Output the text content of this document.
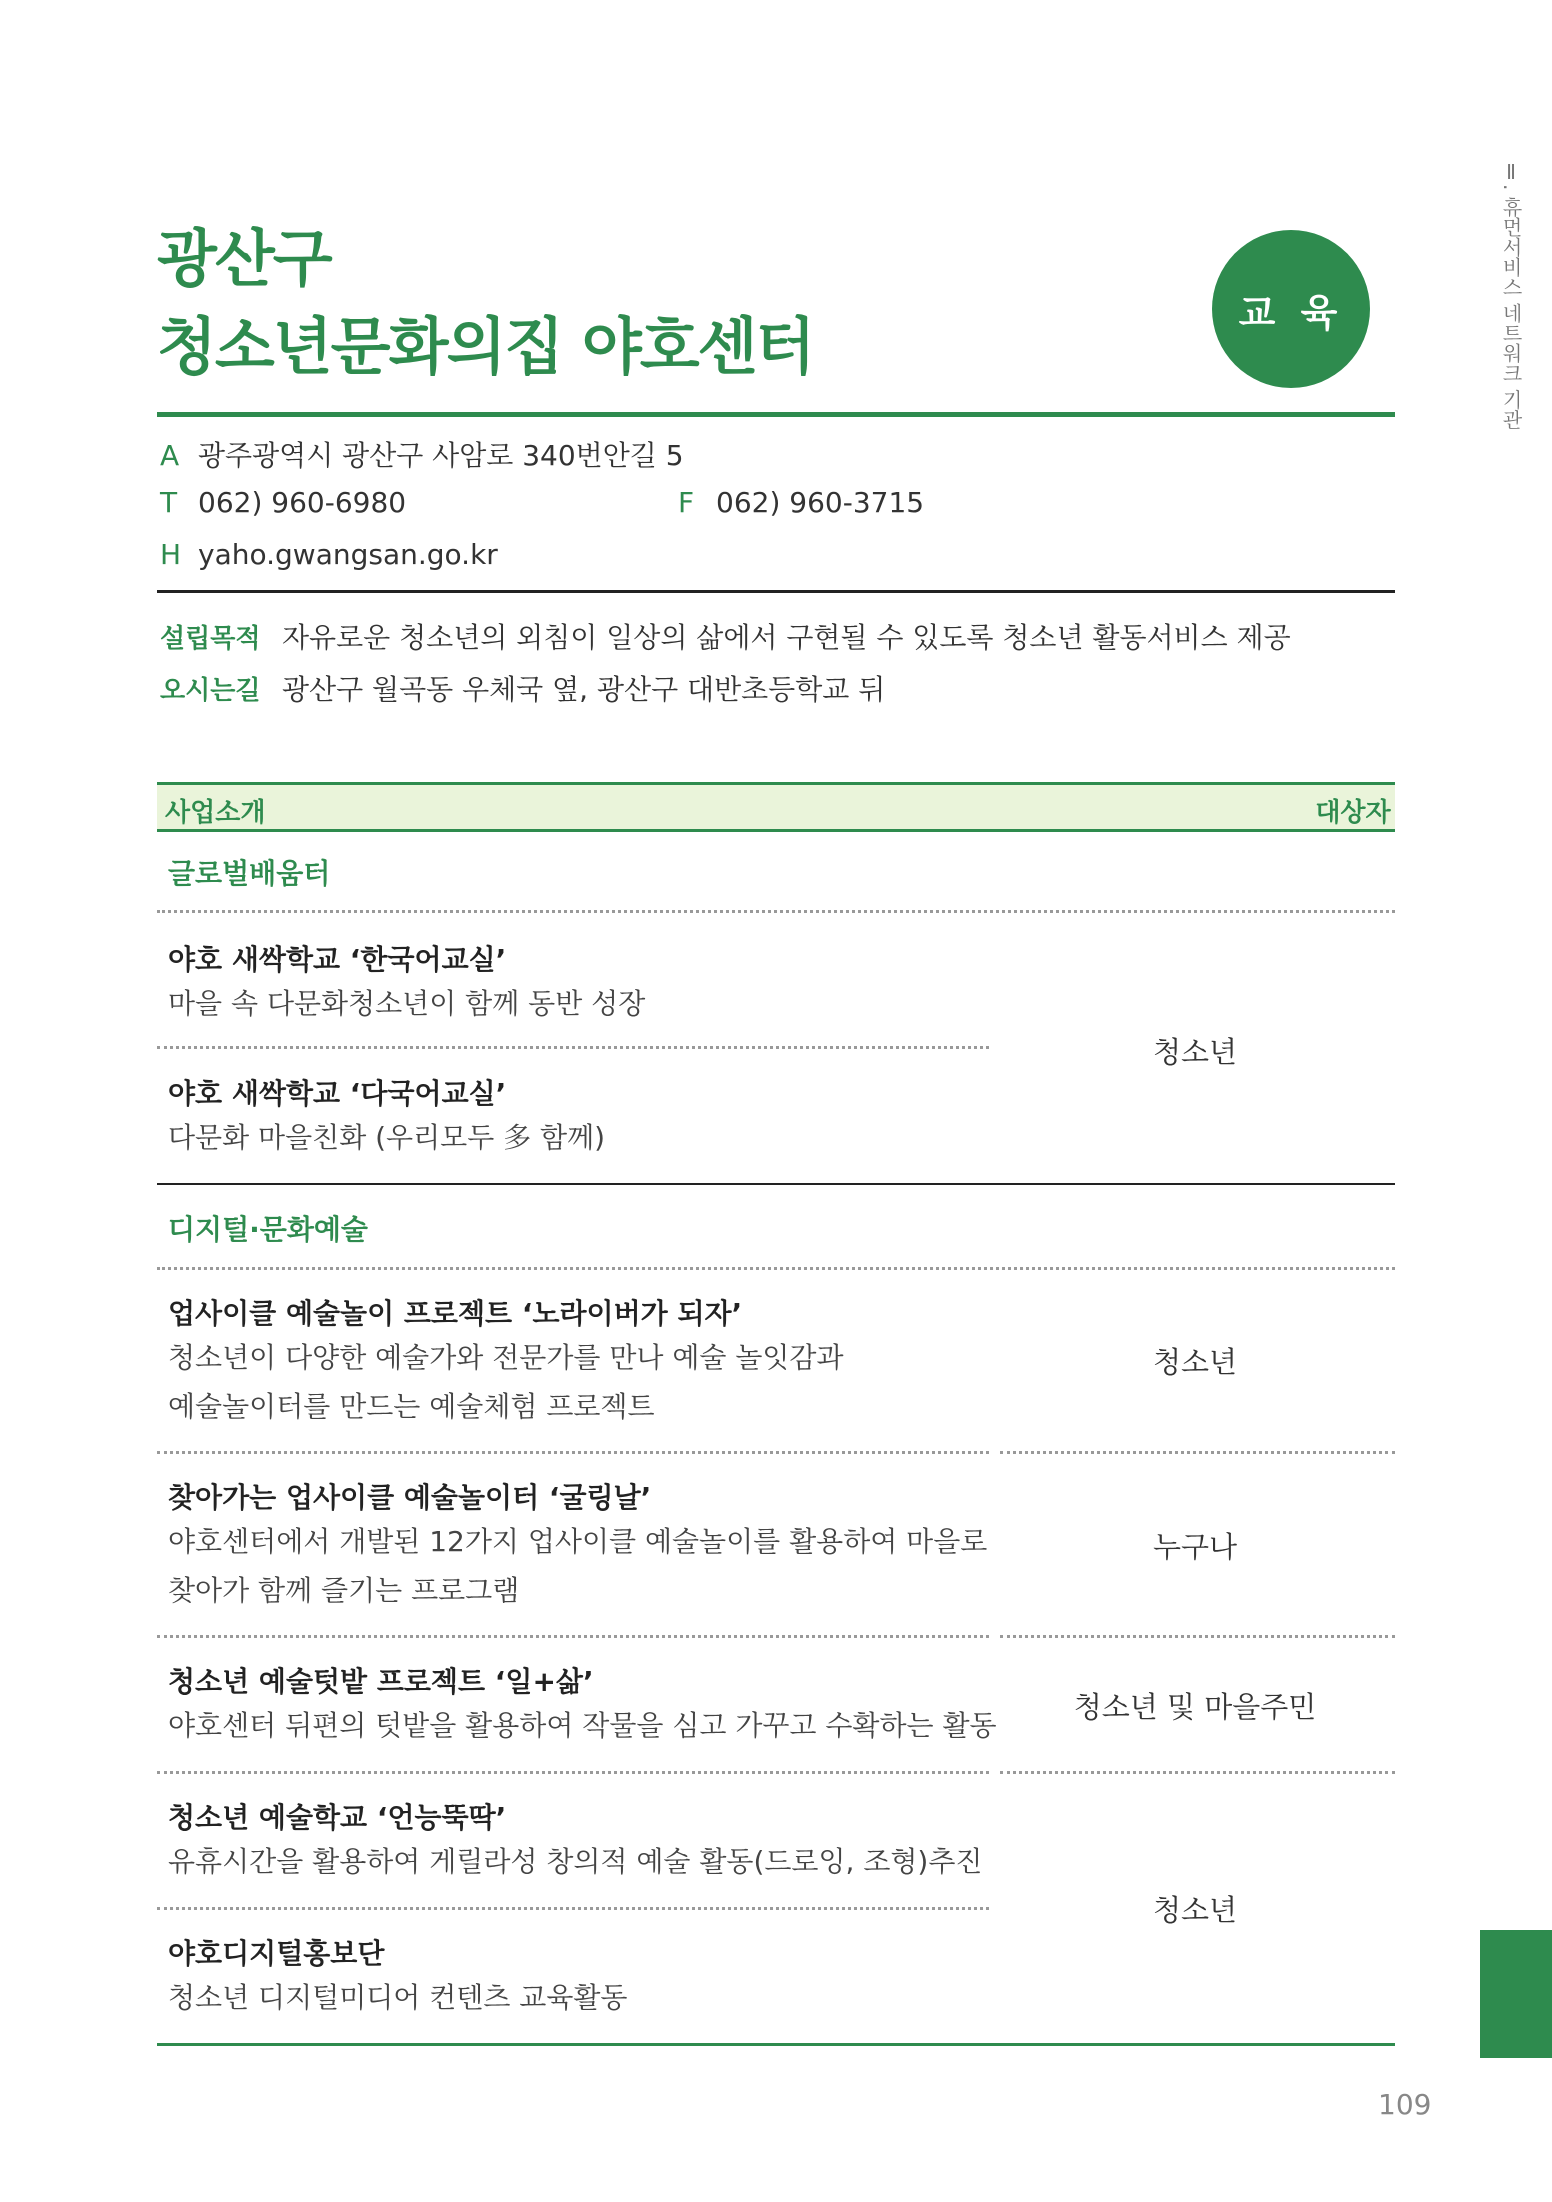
광산구
청소년문화의집 야호센터	교 육	Ⅱ. 휴먼서비스 네트워크 기관
A 광주광역시 광산구 사암로 340번안길 5
T 062) 960-6980	F 062) 960-3715
H yaho.gwangsan.go.kr
설립목적 자유로운 청소년의 외침이 일상의 삶에서 구현될 수 있도록 청소년 활동서비스 제공
오시는길 광산구 월곡동 우체국 옆, 광산구 대반초등학교 뒤
사업소개	대상자
글로벌배움터
야호 새싹학교 ‘한국어교실’
마을 속 다문화청소년이 함께 동반 성장
야호 새싹학교 ‘다국어교실’
다문화 마을친화 (우리모두 多 함께)
청소년
디지털·문화예술
업사이클 예술놀이 프로젝트 ‘노라이버가 되자’
청소년이 다양한 예술가와 전문가를 만나 예술 놀잇감과
예술놀이터를 만드는 예술체험 프로젝트
청소년
찾아가는 업사이클 예술놀이터 ‘굴링날’
야호센터에서 개발된 12가지 업사이클 예술놀이를 활용하여 마을로
찾아가 함께 즐기는 프로그램
누구나
청소년 예술텃밭 프로젝트 ‘일+삶’
야호센터 뒤편의 텃밭을 활용하여 작물을 심고 가꾸고 수확하는 활동
청소년 및 마을주민
청소년 예술학교 ‘언능뚝딱’
유휴시간을 활용하여 게릴라성 창의적 예술 활동(드로잉, 조형)추진
야호디지털홍보단
청소년 디지털미디어 컨텐츠 교육활동
청소년
109
